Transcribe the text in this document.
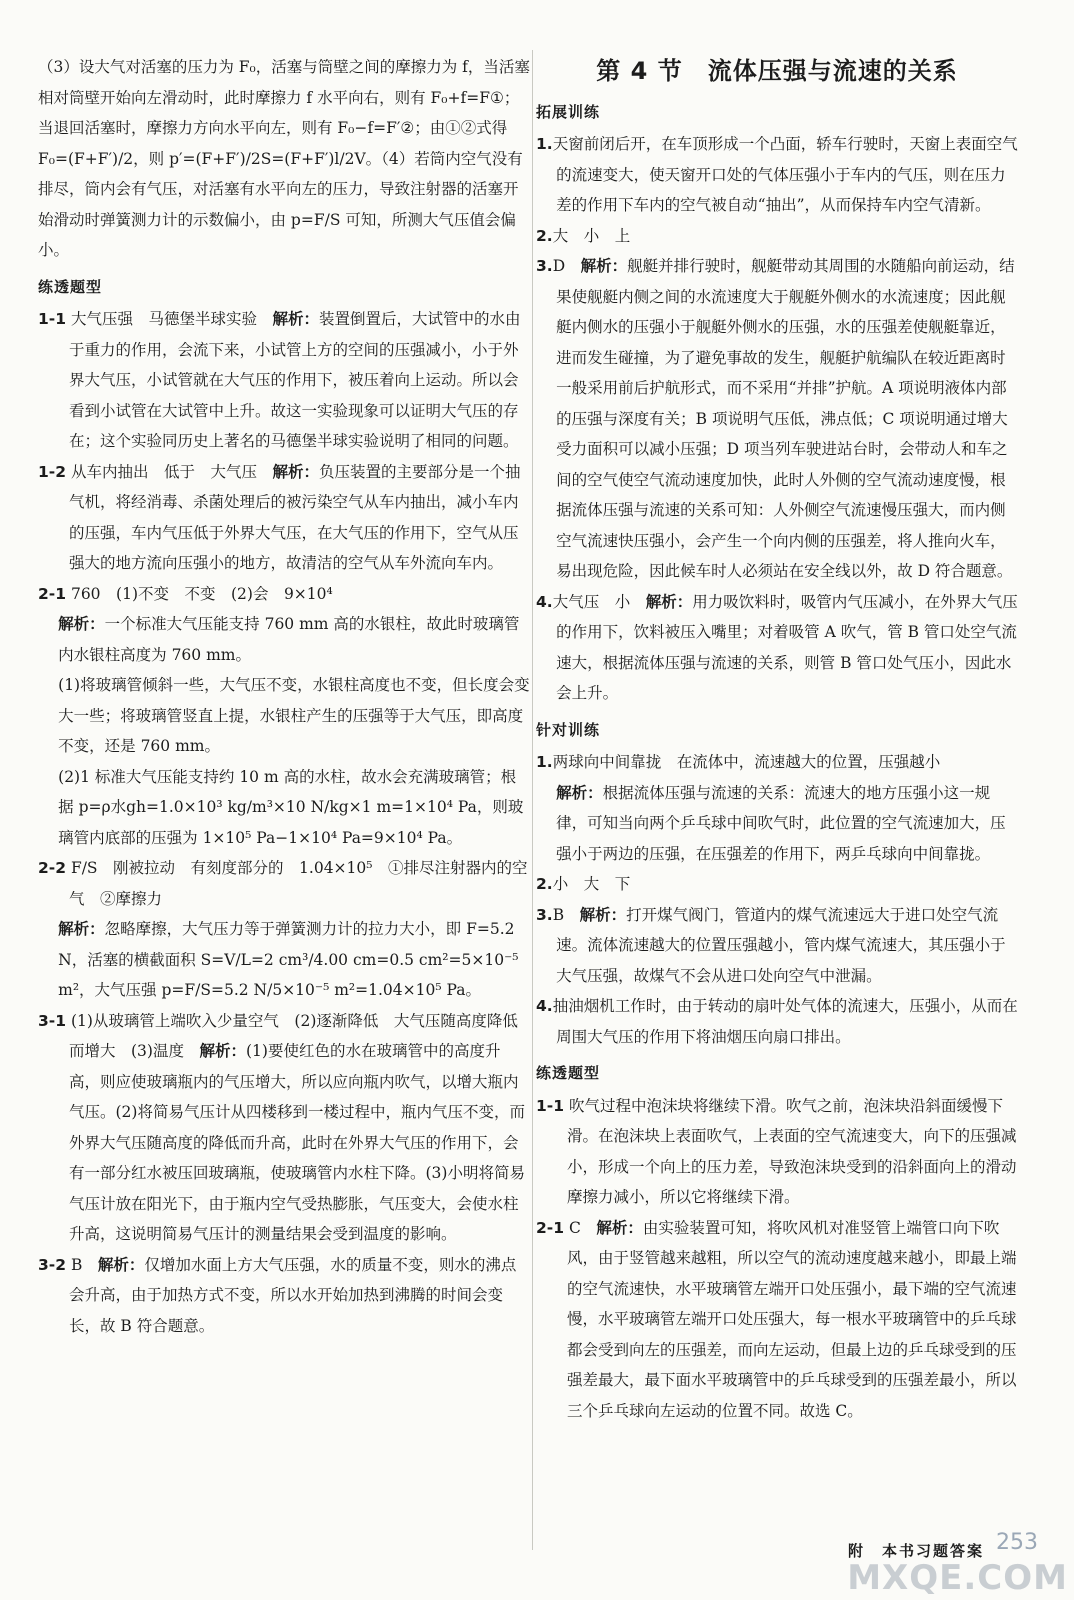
（3）设大气对活塞的压力为 F₀，活塞与筒壁之间的摩擦力为 f，当活塞相对筒壁开始向左滑动时，此时摩擦力 f 水平向右，则有 F₀+f=F①；当退回活塞时，摩擦力方向水平向左，则有 F₀−f=F′②；由①②式得 F₀=(F+F′)/2，则 p′=(F+F′)/2S=(F+F′)l/2V。（4）若筒内空气没有排尽，筒内会有气压，对活塞有水平向左的压力，导致注射器的活塞开始滑动时弹簧测力计的示数偏小，由 p=F/S 可知，所测大气压值会偏小。

练透题型

1-1 大气压强　马德堡半球实验　 解析：装置倒置后，大试管中的水由于重力的作用，会流下来，小试管上方的空间的压强减小，小于外界大气压，小试管就在大气压的作用下，被压着向上运动。所以会看到小试管在大试管中上升。故这一实验现象可以证明大气压的存在；这个实验同历史上著名的马德堡半球实验说明了相同的问题。

1-2 从车内抽出　低于　大气压　 解析：负压装置的主要部分是一个抽气机，将经消毒、杀菌处理后的被污染空气从车内抽出，减小车内的压强，车内气压低于外界大气压，在大气压的作用下，空气从压强大的地方流向压强小的地方，故清洁的空气从车外流向车内。

2-1 760　(1)不变　不变　(2)会　9×10⁴

解析：一个标准大气压能支持 760 mm 高的水银柱，故此时玻璃管内水银柱高度为 760 mm。

(1)将玻璃管倾斜一些，大气压不变，水银柱高度也不变，但长度会变大一些；将玻璃管竖直上提，水银柱产生的压强等于大气压，即高度不变，还是 760 mm。

(2)1 标准大气压能支持约 10 m 高的水柱，故水会充满玻璃管；根据 p=ρ水gh=1.0×10³ kg/m³×10 N/kg×1 m=1×10⁴ Pa，则玻璃管内底部的压强为 1×10⁵ Pa−1×10⁴ Pa=9×10⁴ Pa。

2-2 F/S　刚被拉动　有刻度部分的　1.04×10⁵　①排尽注射器内的空气　②摩擦力

解析：忽略摩擦，大气压力等于弹簧测力计的拉力大小，即 F=5.2 N，活塞的横截面积 S=V/L=2 cm³/4.00 cm=0.5 cm²=5×10⁻⁵ m²，大气压强 p=F/S=5.2 N/5×10⁻⁵ m²=1.04×10⁵ Pa。

3-1 (1)从玻璃管上端吹入少量空气　(2)逐渐降低　大气压随高度降低而增大　(3)温度　 解析：(1)要使红色的水在玻璃管中的高度升高，则应使玻璃瓶内的气压增大，所以应向瓶内吹气，以增大瓶内气压。(2)将简易气压计从四楼移到一楼过程中，瓶内气压不变，而外界大气压随高度的降低而升高，此时在外界大气压的作用下，会有一部分红水被压回玻璃瓶，使玻璃管内水柱下降。(3)小明将简易气压计放在阳光下，由于瓶内空气受热膨胀，气压变大，会使水柱升高，这说明简易气压计的测量结果会受到温度的影响。

3-2 B　 解析：仅增加水面上方大气压强，水的质量不变，则水的沸点会升高，由于加热方式不变，所以水开始加热到沸腾的时间会变长，故 B 符合题意。

第 4 节　流体压强与流速的关系
拓展训练

1.天窗前闭后开，在车顶形成一个凸面，轿车行驶时，天窗上表面空气的流速变大，使天窗开口处的气体压强小于车内的气压，则在压力差的作用下车内的空气被自动“抽出”，从而保持车内空气清新。

2.大　小　上

3.D　 解析：舰艇并排行驶时，舰艇带动其周围的水随船向前运动，结果使舰艇内侧之间的水流速度大于舰艇外侧水的水流速度；因此舰艇内侧水的压强小于舰艇外侧水的压强，水的压强差使舰艇靠近，进而发生碰撞，为了避免事故的发生，舰艇护航编队在较近距离时一般采用前后护航形式，而不采用“并排”护航。A 项说明液体内部的压强与深度有关；B 项说明气压低，沸点低；C 项说明通过增大受力面积可以减小压强；D 项当列车驶进站台时，会带动人和车之间的空气使空气流动速度加快，此时人外侧的空气流动速度慢，根据流体压强与流速的关系可知：人外侧空气流速慢压强大，而内侧空气流速快压强小，会产生一个向内侧的压强差，将人推向火车，易出现危险，因此候车时人必须站在安全线以外，故 D 符合题意。

4.大气压　小　 解析：用力吸饮料时，吸管内气压减小，在外界大气压的作用下，饮料被压入嘴里；对着吸管 A 吹气，管 B 管口处空气流速大，根据流体压强与流速的关系，则管 B 管口处气压小，因此水会上升。

针对训练

1.两球向中间靠拢　在流体中，流速越大的位置，压强越小

解析：根据流体压强与流速的关系：流速大的地方压强小这一规律，可知当向两个乒乓球中间吹气时，此位置的空气流速加大，压强小于两边的压强，在压强差的作用下，两乒乓球向中间靠拢。

2.小　大　下

3.B　 解析：打开煤气阀门，管道内的煤气流速远大于进口处空气流速。流体流速越大的位置压强越小，管内煤气流速大，其压强小于大气压强，故煤气不会从进口处向空气中泄漏。

4.抽油烟机工作时，由于转动的扇叶处气体的流速大，压强小，从而在周围大气压的作用下将油烟压向扇口排出。

练透题型

1-1 吹气过程中泡沫块将继续下滑。吹气之前，泡沫块沿斜面缓慢下滑。在泡沫块上表面吹气，上表面的空气流速变大，向下的压强减小，形成一个向上的压力差，导致泡沫块受到的沿斜面向上的滑动摩擦力减小，所以它将继续下滑。

2-1 C　 解析：由实验装置可知，将吹风机对准竖管上端管口向下吹风，由于竖管越来越粗，所以空气的流动速度越来越小，即最上端的空气流速快，水平玻璃管左端开口处压强小，最下端的空气流速慢，水平玻璃管左端开口处压强大，每一根水平玻璃管中的乒乓球都会受到向左的压强差，而向左运动，但最上边的乒乓球受到的压强差最大，最下面水平玻璃管中的乒乓球受到的压强差最小，所以三个乒乓球向左运动的位置不同。故选 C。

附　本书习题答案 253
MXQE.COM
